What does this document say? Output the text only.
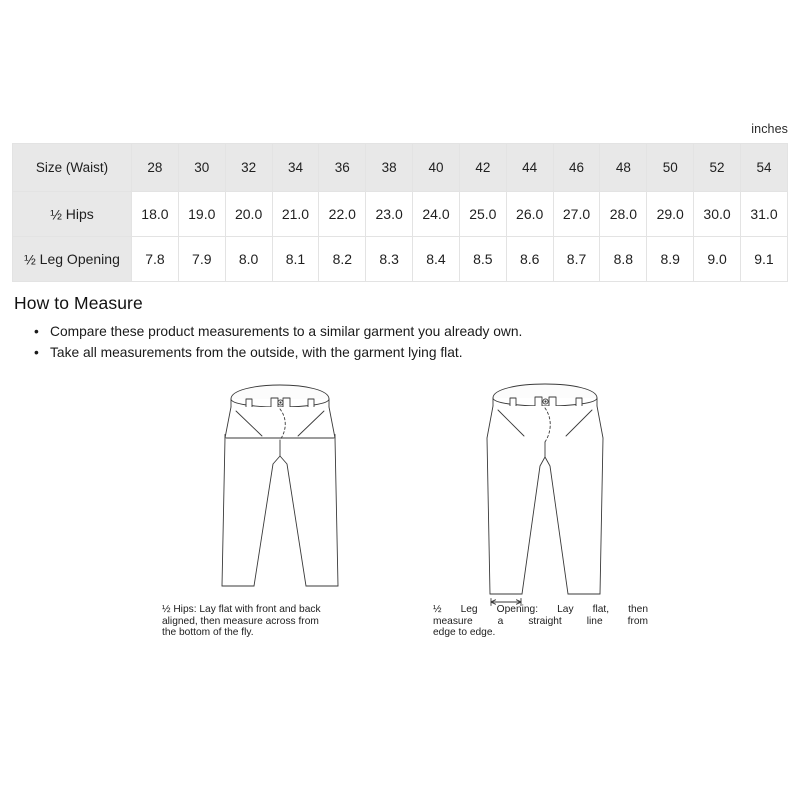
inches
Size (Waist)	28	30	32	34	36	38	40	42	44	46	48	50	52	54
½ Hips	18.0	19.0	20.0	21.0	22.0	23.0	24.0	25.0	26.0	27.0	28.0	29.0	30.0	31.0
½ Leg Opening	7.8	7.9	8.0	8.1	8.2	8.3	8.4	8.5	8.6	8.7	8.8	8.9	9.0	9.1
How to Measure
• Compare these product measurements to a similar garment you already own.
• Take all measurements from the outside, with the garment lying flat.
½ Hips: Lay flat with front and back
aligned, then measure across from
the bottom of the fly.
½ Leg Opening: Lay flat, then
measure a straight line from
edge to edge.
